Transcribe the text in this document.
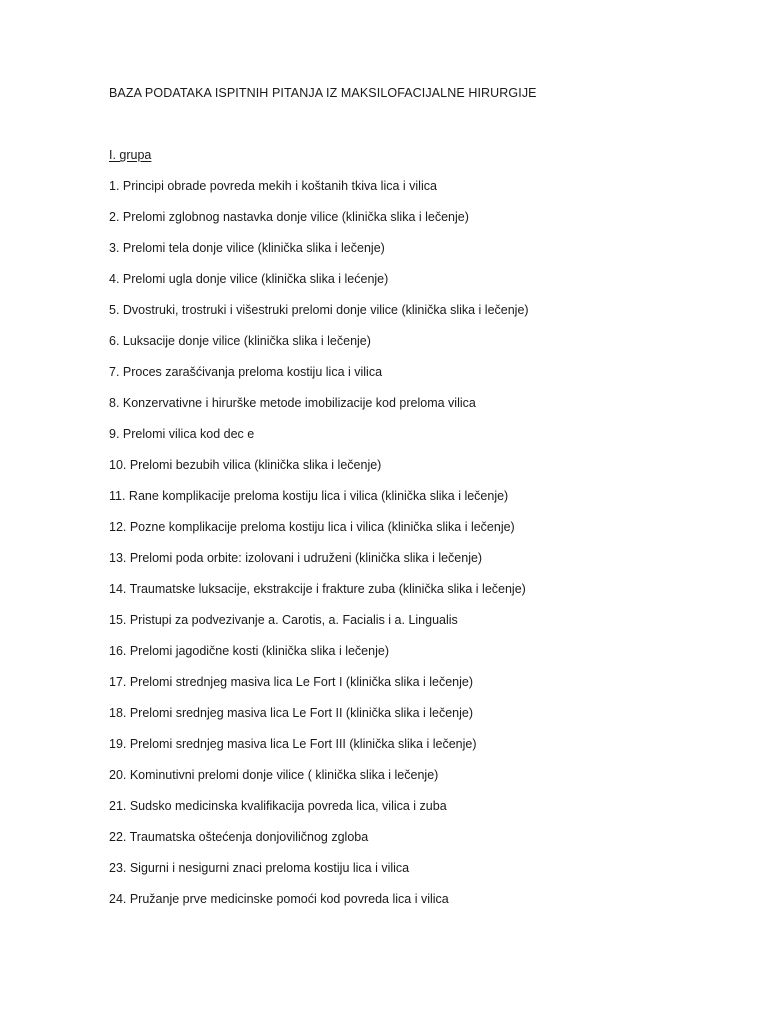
BAZA PODATAKA ISPITNIH PITANJA IZ MAKSILOFACIJALNE HIRURGIJE
I. grupa
1. Principi obrade povreda mekih i koštanih tkiva lica i vilica
2. Prelomi zglobnog nastavka donje vilice (klinička slika i lečenje)
3. Prelomi tela donje vilice (klinička slika i lečenje)
4. Prelomi ugla donje vilice (klinička slika i lećenje)
5. Dvostruki, trostruki i višestruki prelomi donje vilice (klinička slika i lečenje)
6. Luksacije donje vilice (klinička slika i lečenje)
7. Proces zarašćivanja preloma kostiju lica i vilica
8. Konzervativne i hirurške metode imobilizacije kod preloma vilica
9. Prelomi vilica kod dec e
10. Prelomi bezubih vilica (klinička slika i lečenje)
11. Rane komplikacije preloma kostiju lica i vilica (klinička slika i lečenje)
12. Pozne komplikacije preloma kostiju lica i vilica (klinička slika i lečenje)
13. Prelomi poda orbite: izolovani i udruženi (klinička slika i lečenje)
14. Traumatske luksacije, ekstrakcije i frakture zuba (klinička slika i lečenje)
15. Pristupi za podvezivanje a. Carotis, a. Facialis i a. Lingualis
16. Prelomi jagodične kosti (klinička slika i lečenje)
17. Prelomi strednjeg masiva lica Le Fort I (klinička slika i lečenje)
18. Prelomi srednjeg masiva lica Le Fort II (klinička slika i lečenje)
19. Prelomi srednjeg masiva lica Le Fort III (klinička slika i lečenje)
20. Kominutivni prelomi donje vilice ( klinička slika i lečenje)
21. Sudsko medicinska kvalifikacija povreda lica, vilica i zuba
22. Traumatska oštećenja donjoviličnog zgloba
23. Sigurni i nesigurni znaci preloma kostiju lica i vilica
24. Pružanje prve medicinske pomoći kod povreda lica i vilica
